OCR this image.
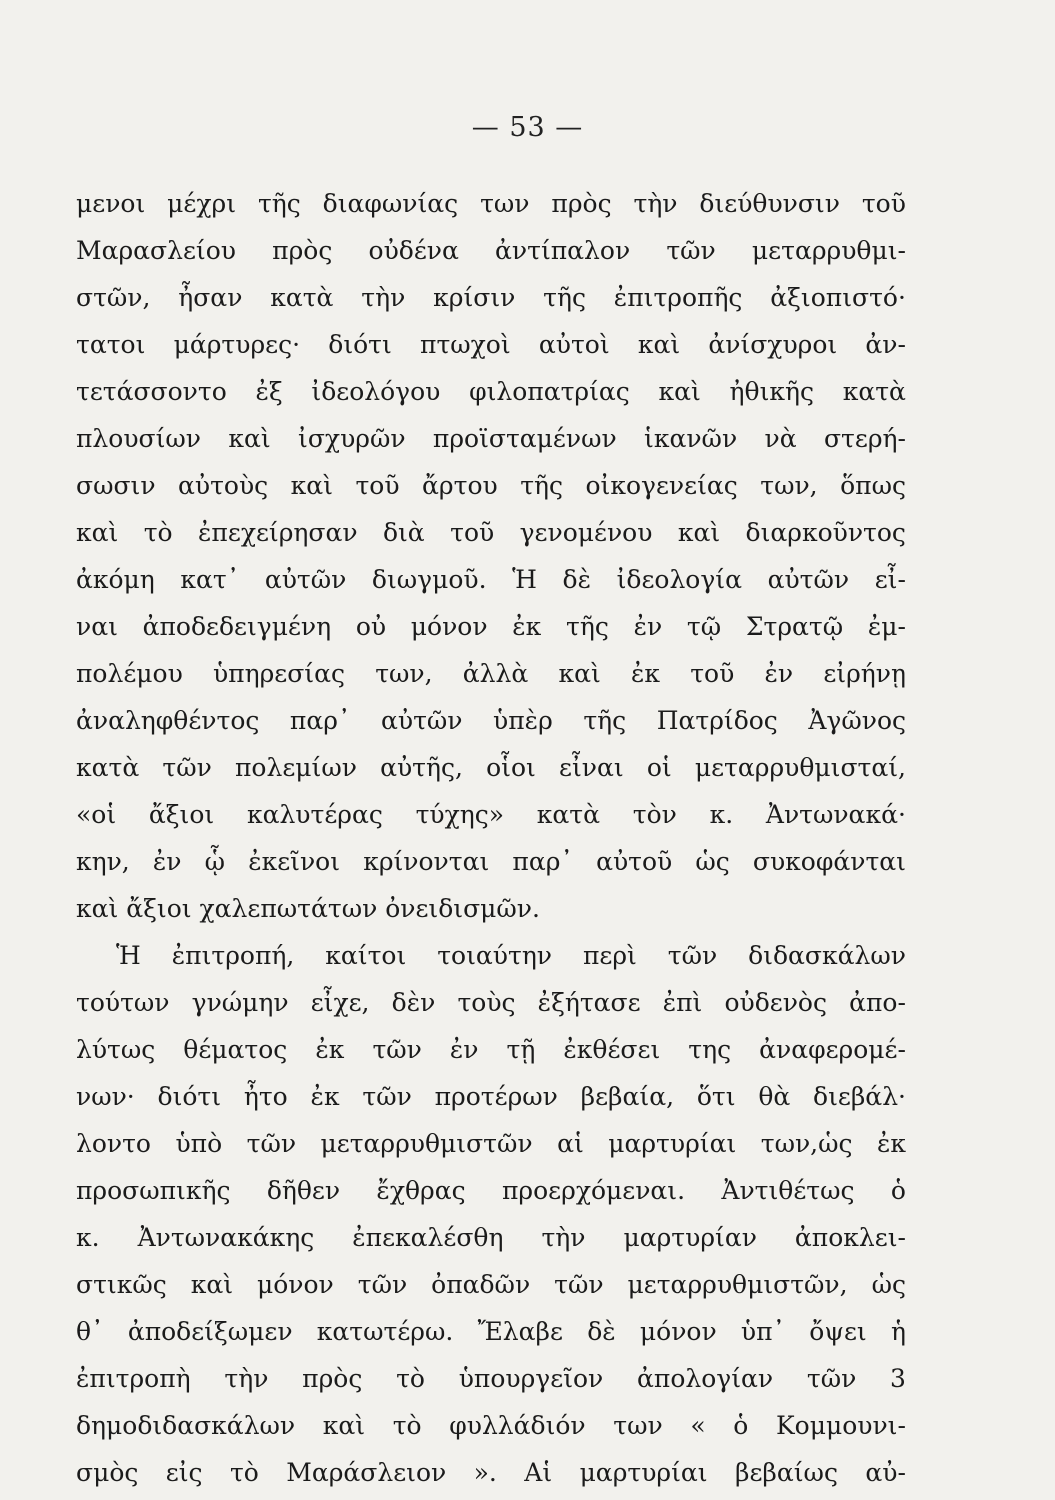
— 53 —
μενοι μέχρι τῆς διαφωνίας των πρὸς τὴν διεύθυνσιν τοῦ
Μαρασλείου πρὸς οὐδένα ἀντίπαλον τῶν μεταρρυθμι-
στῶν, ἦσαν κατὰ τὴν κρίσιν τῆς ἐπιτροπῆς ἀξιοπιστό·
τατοι μάρτυρες· διότι πτωχοὶ αὐτοὶ καὶ ἀνίσχυροι ἀν-
τετάσσοντο ἐξ ἰδεολόγου φιλοπατρίας καὶ ἠθικῆς κατὰ
πλουσίων καὶ ἰσχυρῶν προϊσταμένων ἱκανῶν νὰ στερή-
σωσιν αὐτοὺς καὶ τοῦ ἄρτου τῆς οἰκογενείας των, ὅπως
καὶ τὸ ἐπεχείρησαν διὰ τοῦ γενομένου καὶ διαρκοῦντος
ἀκόμη κατ᾽ αὐτῶν διωγμοῦ. Ἡ δὲ ἰδεολογία αὐτῶν εἶ-
ναι ἀποδεδειγμένη οὐ μόνον ἐκ τῆς ἐν τῷ Στρατῷ ἐμ-
πολέμου ὑπηρεσίας των, ἀλλὰ καὶ ἐκ τοῦ ἐν εἰρήνῃ
ἀναληφθέντος παρ᾽ αὐτῶν ὑπὲρ τῆς Πατρίδος Ἀγῶνος
κατὰ τῶν πολεμίων αὐτῆς, οἷοι εἶναι οἱ μεταρρυθμισταί,
«οἱ ἄξιοι καλυτέρας τύχης» κατὰ τὸν κ. Ἀντωνακά·
κην, ἐν ᾧ ἐκεῖνοι κρίνονται παρ᾽ αὐτοῦ ὡς συκοφάνται
καὶ ἄξιοι χαλεπωτάτων ὀνειδισμῶν.
Ἡ ἐπιτροπή, καίτοι τοιαύτην περὶ τῶν διδασκάλων
τούτων γνώμην εἶχε, δὲν τοὺς ἐξήτασε ἐπὶ οὐδενὸς ἀπο-
λύτως θέματος ἐκ τῶν ἐν τῇ ἐκθέσει της ἀναφερομέ-
νων· διότι ἦτο ἐκ τῶν προτέρων βεβαία, ὅτι θὰ διεβάλ·
λοντο ὑπὸ τῶν μεταρρυθμιστῶν αἱ μαρτυρίαι των,ὡς ἐκ
προσωπικῆς δῆθεν ἔχθρας προερχόμεναι. Ἀντιθέτως ὁ
κ. Ἀντωνακάκης ἐπεκαλέσθη τὴν μαρτυρίαν ἀποκλει-
στικῶς καὶ μόνον τῶν ὀπαδῶν τῶν μεταρρυθμιστῶν, ὡς
θ᾽ ἀποδείξωμεν κατωτέρω. Ἔλαβε δὲ μόνον ὑπ᾽ ὄψει ἡ
ἐπιτροπὴ τὴν πρὸς τὸ ὑπουργεῖον ἀπολογίαν τῶν 3
δημοδιδασκάλων καὶ τὸ φυλλάδιόν των « ὁ Κομμουνι-
σμὸς εἰς τὸ Μαράσλειον ». Αἱ μαρτυρίαι βεβαίως αὐ-
